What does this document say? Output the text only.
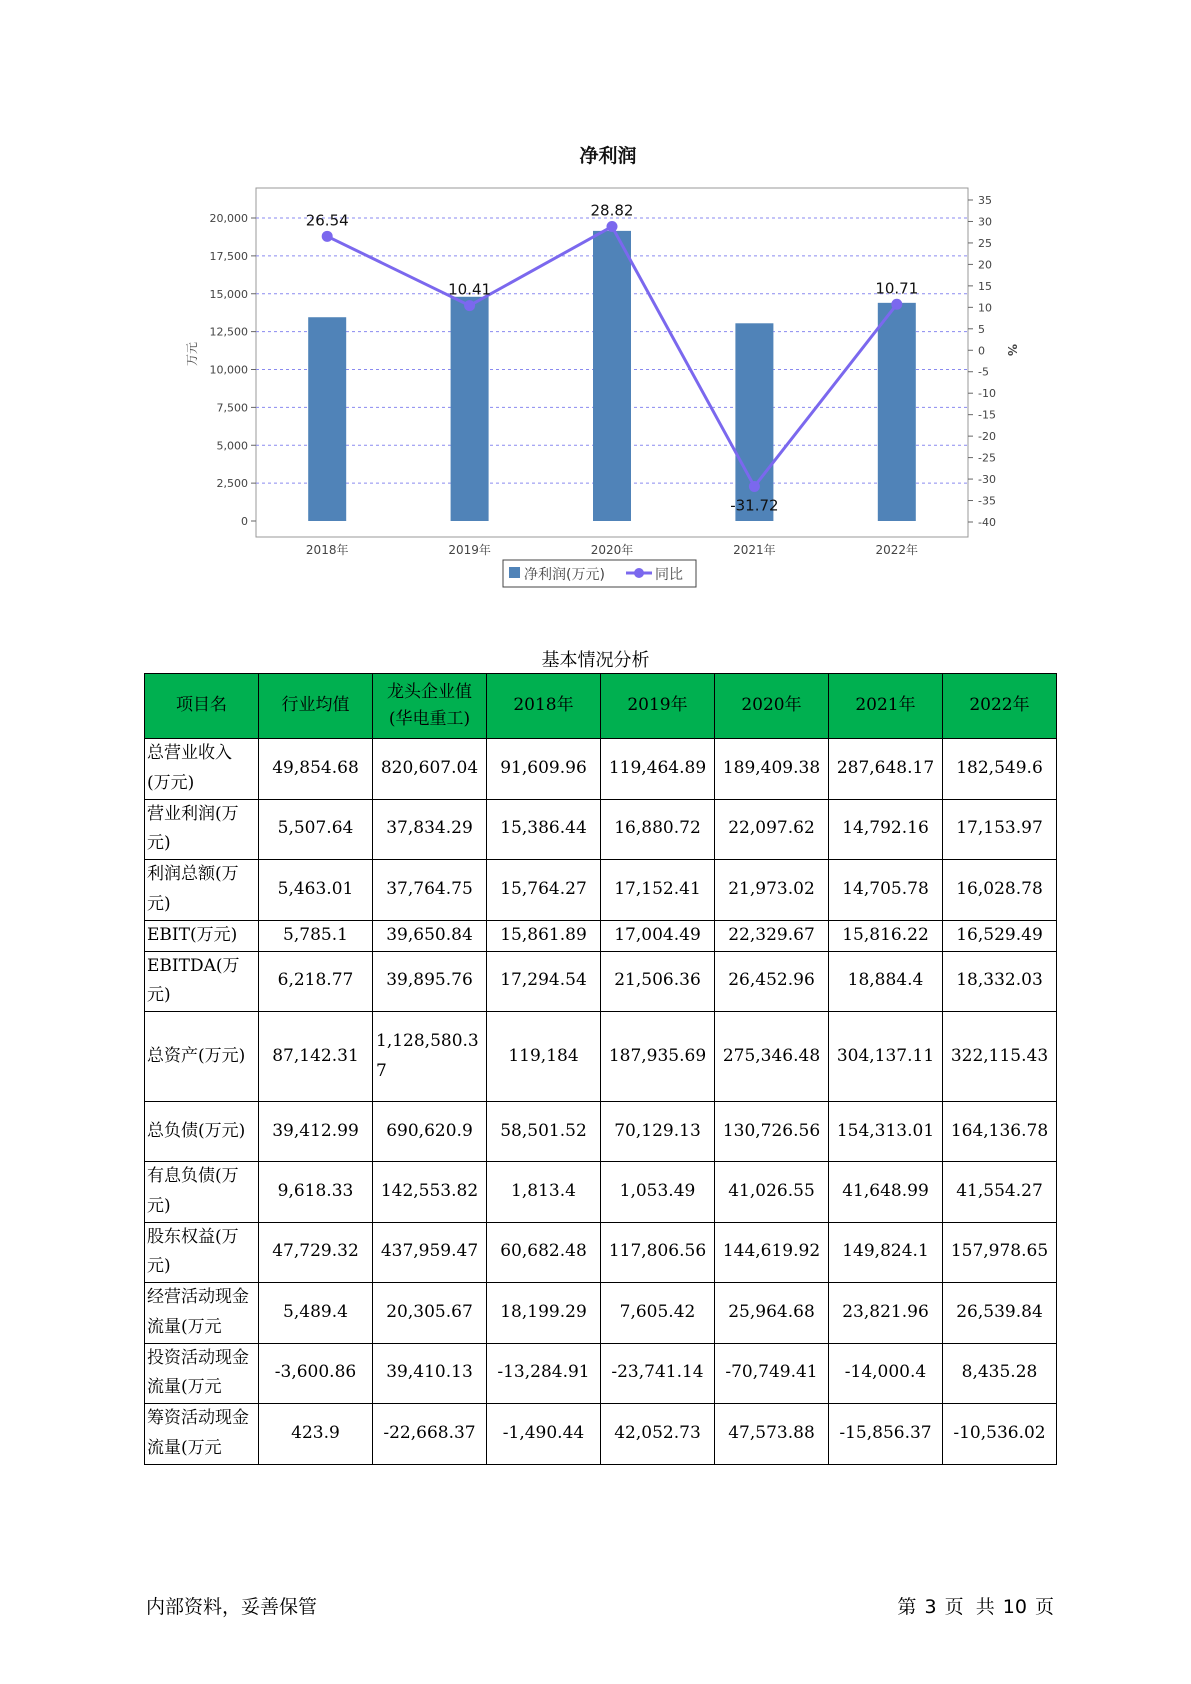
净利润
0
2,500
5,000
7,500
10,000
12,500
15,000
17,500
20,000
35
30
25
20
15
10
5
0
-5
-10
-15
-20
-25
-30
-35
-40
万元	%
2018年	2019年	2020年	2021年	2022年
26.54
10.41
28.82
-31.72
10.71
净利润(万元)	同比
基本情况分析
项目名	行业均值	龙头企业值(华电重工)	2018年	2019年	2020年	2021年	2022年
总营业收入(万元)	49,854.68	820,607.04	91,609.96	119,464.89	189,409.38	287,648.17	182,549.6
营业利润(万元)	5,507.64	37,834.29	15,386.44	16,880.72	22,097.62	14,792.16	17,153.97
利润总额(万元)	5,463.01	37,764.75	15,764.27	17,152.41	21,973.02	14,705.78	16,028.78
EBIT(万元)	5,785.1	39,650.84	15,861.89	17,004.49	22,329.67	15,816.22	16,529.49
EBITDA(万元)	6,218.77	39,895.76	17,294.54	21,506.36	26,452.96	18,884.4	18,332.03
总资产(万元)	87,142.31	1,128,580.37	119,184	187,935.69	275,346.48	304,137.11	322,115.43
总负债(万元)	39,412.99	690,620.9	58,501.52	70,129.13	130,726.56	154,313.01	164,136.78
有息负债(万元)	9,618.33	142,553.82	1,813.4	1,053.49	41,026.55	41,648.99	41,554.27
股东权益(万元)	47,729.32	437,959.47	60,682.48	117,806.56	144,619.92	149,824.1	157,978.65
经营活动现金流量(万元	5,489.4	20,305.67	18,199.29	7,605.42	25,964.68	23,821.96	26,539.84
投资活动现金流量(万元	-3,600.86	39,410.13	-13,284.91	-23,741.14	-70,749.41	-14,000.4	8,435.28
筹资活动现金流量(万元	423.9	-22,668.37	-1,490.44	42,052.73	47,573.88	-15,856.37	-10,536.02
内部资料，妥善保管	第 3 页  共 10 页
